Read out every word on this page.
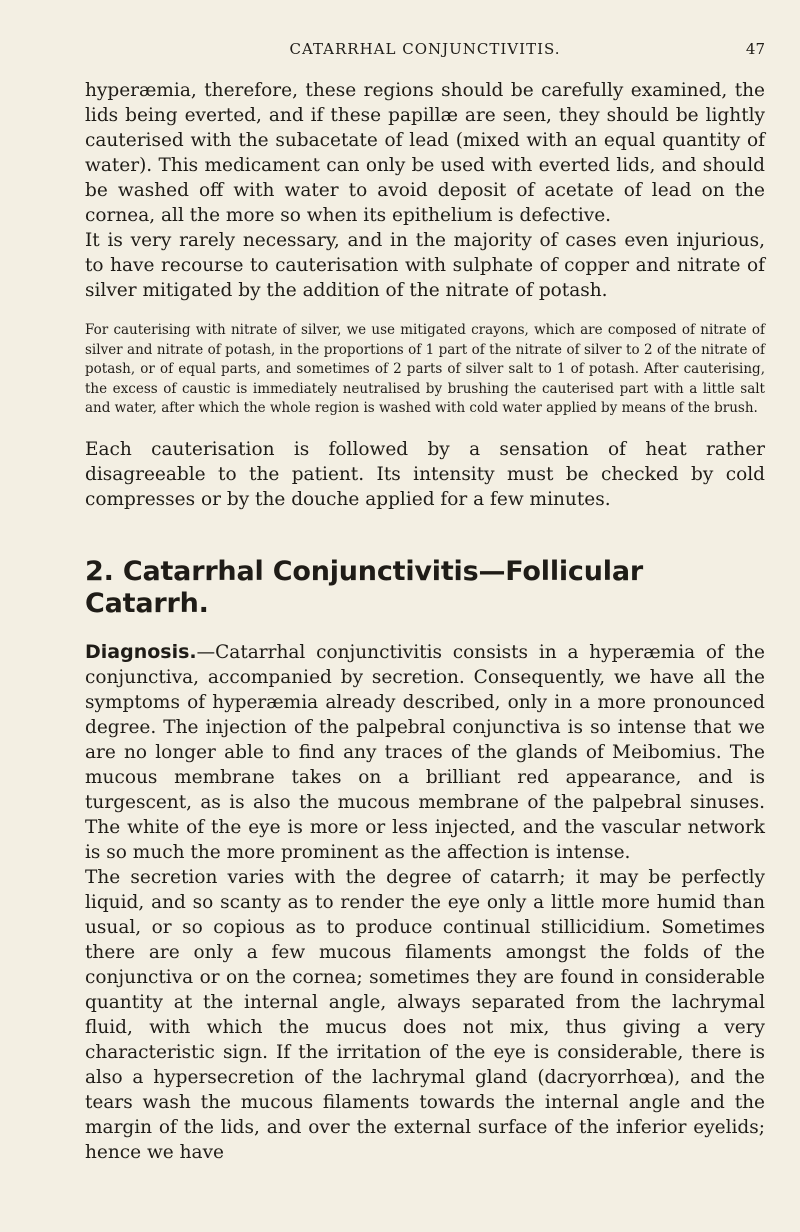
CATARRHAL CONJUNCTIVITIS.	47

hyperæmia, therefore, these regions should be carefully examined, the lids being everted, and if these papillæ are seen, they should be lightly cauterised with the subacetate of lead (mixed with an equal quantity of water). This medicament can only be used with everted lids, and should be washed off with water to avoid deposit of acetate of lead on the cornea, all the more so when its epithelium is defective.

It is very rarely necessary, and in the majority of cases even injurious, to have recourse to cauterisation with sulphate of copper and nitrate of silver mitigated by the addition of the nitrate of potash.

For cauterising with nitrate of silver, we use mitigated crayons, which are composed of nitrate of silver and nitrate of potash, in the proportions of 1 part of the nitrate of silver to 2 of the nitrate of potash, or of equal parts, and sometimes of 2 parts of silver salt to 1 of potash. After cauterising, the excess of caustic is immediately neutralised by brushing the cauterised part with a little salt and water, after which the whole region is washed with cold water applied by means of the brush.

Each cauterisation is followed by a sensation of heat rather disagreeable to the patient. Its intensity must be checked by cold compresses or by the douche applied for a few minutes.

2. Catarrhal Conjunctivitis—Follicular Catarrh.

Diagnosis.—Catarrhal conjunctivitis consists in a hyperæmia of the conjunctiva, accompanied by secretion. Consequently, we have all the symptoms of hyperæmia already described, only in a more pronounced degree. The injection of the palpebral conjunctiva is so intense that we are no longer able to find any traces of the glands of Meibomius. The mucous membrane takes on a brilliant red appearance, and is turgescent, as is also the mucous membrane of the palpebral sinuses. The white of the eye is more or less injected, and the vascular network is so much the more prominent as the affection is intense.

The secretion varies with the degree of catarrh; it may be perfectly liquid, and so scanty as to render the eye only a little more humid than usual, or so copious as to produce continual stillicidium. Sometimes there are only a few mucous filaments amongst the folds of the conjunctiva or on the cornea; sometimes they are found in considerable quantity at the internal angle, always separated from the lachrymal fluid, with which the mucus does not mix, thus giving a very characteristic sign. If the irritation of the eye is considerable, there is also a hypersecretion of the lachrymal gland (dacryorrhœa), and the tears wash the mucous filaments towards the internal angle and the margin of the lids, and over the external surface of the inferior eyelids; hence we have
